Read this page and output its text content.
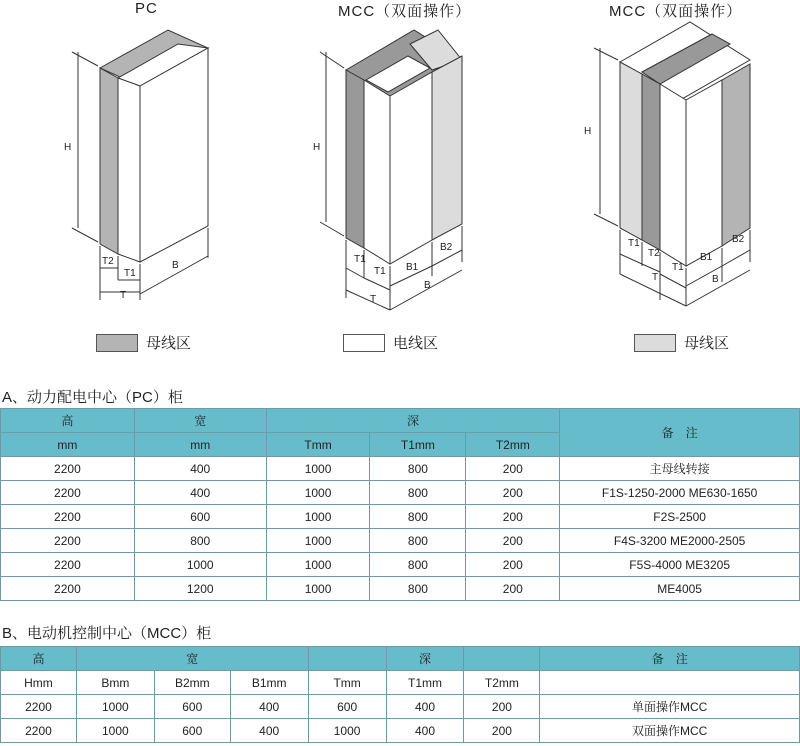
PC	MCC（双面操作）	MCC（双面操作）
H
T2
T1
T
B
H
T1
T1
T
B1
B2
B
H
T1
T2
T1
T
B1
B2
B
母线区	电线区	母线区
A、动力配电中心（PC）柜
高	宽	深			备　注
mm	mm	Tmm	T1mm	T2mm	
2200	400	1000	800	200	主母线转接
2200	400	1000	800	200	F1S-1250-2000 ME630-1650
2200	600	1000	800	200	F2S-2500
2200	800	1000	800	200	F4S-3200 ME2000-2505
2200	1000	1000	800	200	F5S-4000 ME3205
2200	1200	1000	800	200	ME4005
B、电动机控制中心（MCC）柜
高	宽				深		备　注
Hmm	Bmm	B2mm	B1mm	Tmm	T1mm	T2mm	
2200	1000	600	400	600	400	200	单面操作MCC
2200	1000	600	400	1000	400	200	双面操作MCC
